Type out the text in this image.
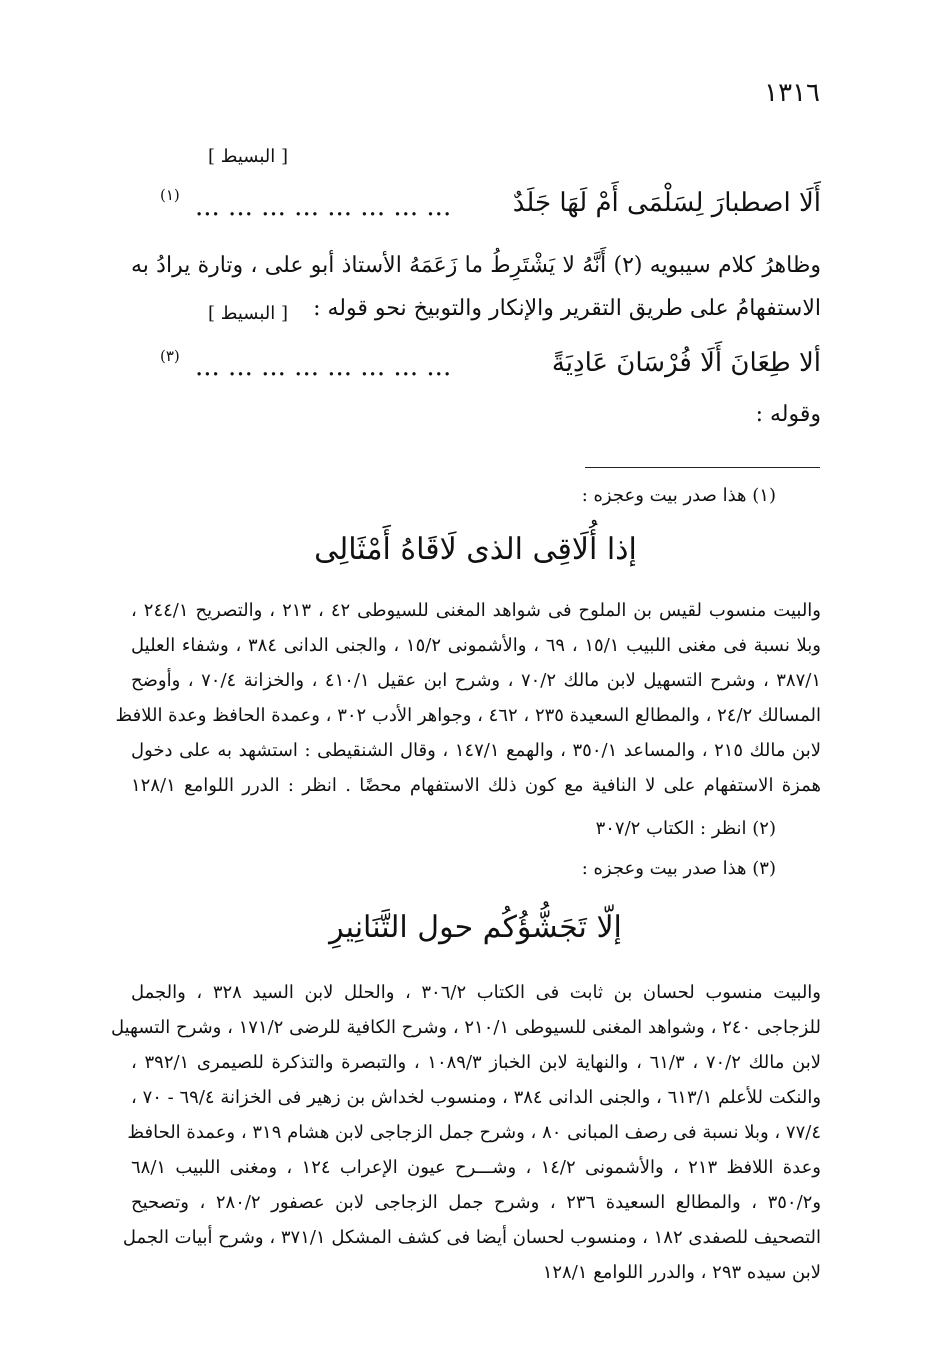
١٣١٦
[ البسيط ]
أَلَا اصطبارَ لِسَلْمَى أَمْ لَهَا جَلَدٌ
... ... ... ... ... ... ... ...
(١)
وظاهرُ كلام سيبويه (٢) أَنَّهُ لا يَشْتَرِطُ ما زَعَمَهُ الأستاذ أبو على ، وتارة يرادُ به
الاستفهامُ على طريق التقرير والإنكار والتوبيخ نحو قوله :
[ البسيط ]
ألا طِعَانَ أَلَا فُرْسَانَ عَادِيَةً
... ... ... ... ... ... ... ...
(٣)
وقوله :
(١) هذا صدر بيت وعجزه :
إذا أُلَاقِى الذى لَاقَاهُ أَمْثَالِى
والبيت منسوب لقيس بن الملوح فى شواهد المغنى للسيوطى ٤٢ ، ٢١٣ ، والتصريح ٢٤٤/١ ،
وبلا نسبة فى مغنى اللبيب ١٥/١ ، ٦٩ ، والأشمونى ١٥/٢ ، والجنى الدانى ٣٨٤ ، وشفاء العليل
٣٨٧/١ ، وشرح التسهيل لابن مالك ٧٠/٢ ، وشرح ابن عقيل ٤١٠/١ ، والخزانة ٧٠/٤ ، وأوضح
المسالك ٢٤/٢ ، والمطالع السعيدة ٢٣٥ ، ٤٦٢ ، وجواهر الأدب ٣٠٢ ، وعمدة الحافظ وعدة اللافظ
لابن مالك ٢١٥ ، والمساعد ٣٥٠/١ ، والهمع ١٤٧/١ ، وقال الشنقيطى : استشهد به على دخول
همزة الاستفهام على لا النافية مع كون ذلك الاستفهام محضًا . انظر : الدرر اللوامع ١٢٨/١
(٢) انظر : الكتاب ٣٠٧/٢
(٣) هذا صدر بيت وعجزه :
إلّا تَجَشُّؤُكُم حول التَّنَانِيرِ
والبيت منسوب لحسان بن ثابت فى الكتاب ٣٠٦/٢ ، والحلل لابن السيد ٣٢٨ ، والجمل
للزجاجى ٢٤٠ ، وشواهد المغنى للسيوطى ٢١٠/١ ، وشرح الكافية للرضى ١٧١/٢ ، وشرح التسهيل
لابن مالك ٧٠/٢ ، ٦١/٣ ، والنهاية لابن الخباز ١٠٨٩/٣ ، والتبصرة والتذكرة للصيمرى ٣٩٢/١ ،
والنكت للأعلم ٦١٣/١ ، والجنى الدانى ٣٨٤ ، ومنسوب لخداش بن زهير فى الخزانة ٦٩/٤ - ٧٠ ،
٧٧/٤ ، وبلا نسبة فى رصف المبانى ٨٠ ، وشرح جمل الزجاجى لابن هشام ٣١٩ ، وعمدة الحافظ
وعدة اللافظ ٢١٣ ، والأشمونى ١٤/٢ ، وشـــرح عيون الإعراب ١٢٤ ، ومغنى اللبيب ٦٨/١
و٣٥٠/٢ ، والمطالع السعيدة ٢٣٦ ، وشرح جمل الزجاجى لابن عصفور ٢٨٠/٢ ، وتصحيح
التصحيف للصفدى ١٨٢ ، ومنسوب لحسان أيضا فى كشف المشكل ٣٧١/١ ، وشرح أبيات الجمل
لابن سيده ٢٩٣ ، والدرر اللوامع ١٢٨/١
